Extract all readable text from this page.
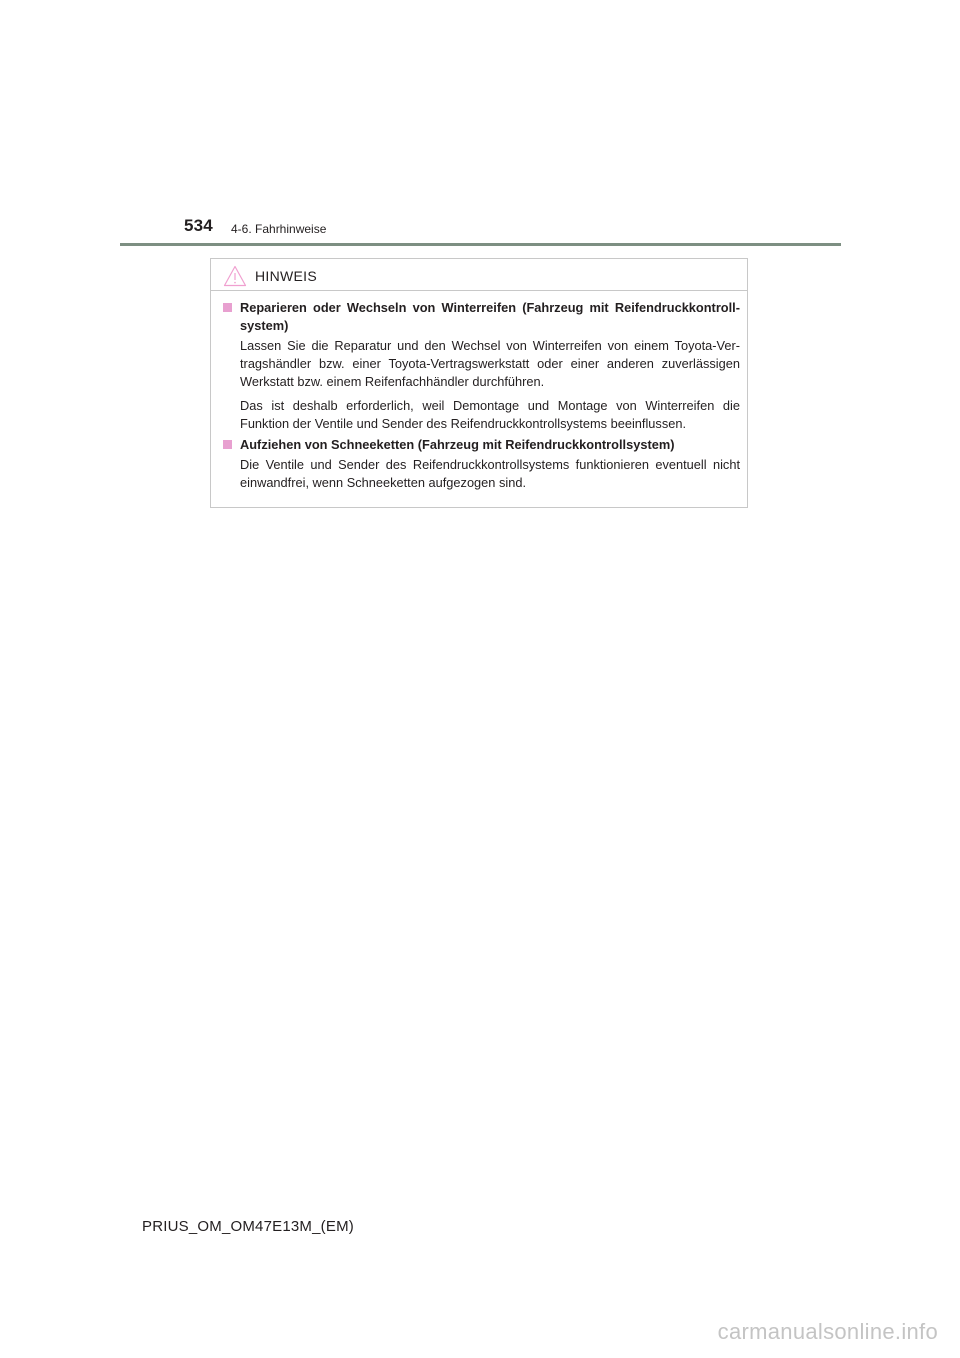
534 4-6. Fahrhinweise
HINWEIS
Reparieren oder Wechseln von Winterreifen (Fahrzeug mit Reifendruckkontroll-system)
Lassen Sie die Reparatur und den Wechsel von Winterreifen von einem Toyota-Ver-tragshändler bzw. einer Toyota-Vertragswerkstatt oder einer anderen zuverlässigen Werkstatt bzw. einem Reifenfachhändler durchführen.
Das ist deshalb erforderlich, weil Demontage und Montage von Winterreifen die Funktion der Ventile und Sender des Reifendruckkontrollsystems beeinflussen.
Aufziehen von Schneeketten (Fahrzeug mit Reifendruckkontrollsystem)
Die Ventile und Sender des Reifendruckkontrollsystems funktionieren eventuell nicht einwandfrei, wenn Schneeketten aufgezogen sind.
PRIUS_OM_OM47E13M_(EM)
carmanualsonline.info
